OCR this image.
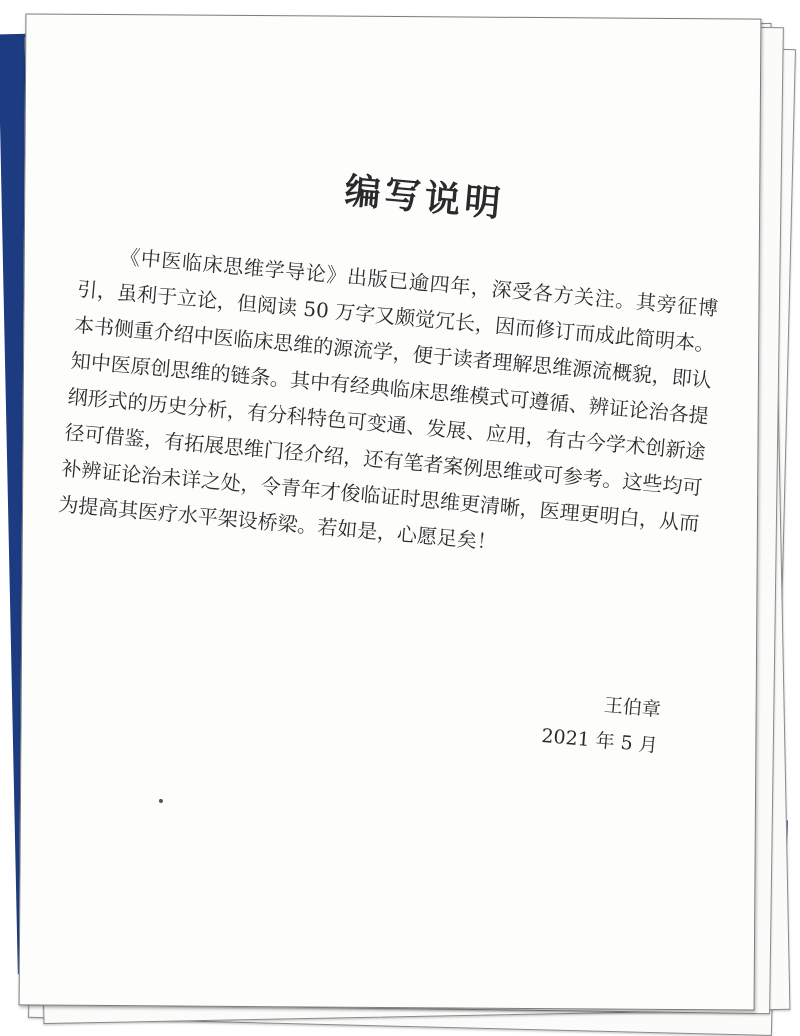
编写说明

《中医临床思维学导论》出版已逾四年，深受各方关注。其旁征博引，虽利于立论，但阅读 50 万字又颇觉冗长，因而修订而成此简明本。本书侧重介绍中医临床思维的源流学，便于读者理解思维源流概貌，即认知中医原创思维的链条。其中有经典临床思维模式可遵循、辨证论治各提纲形式的历史分析，有分科特色可变通、发展、应用，有古今学术创新途径可借鉴，有拓展思维门径介绍，还有笔者案例思维或可参考。这些均可补辨证论治未详之处，令青年才俊临证时思维更清晰，医理更明白，从而为提高其医疗水平架设桥梁。若如是，心愿足矣！

王伯章
2021 年 5 月
